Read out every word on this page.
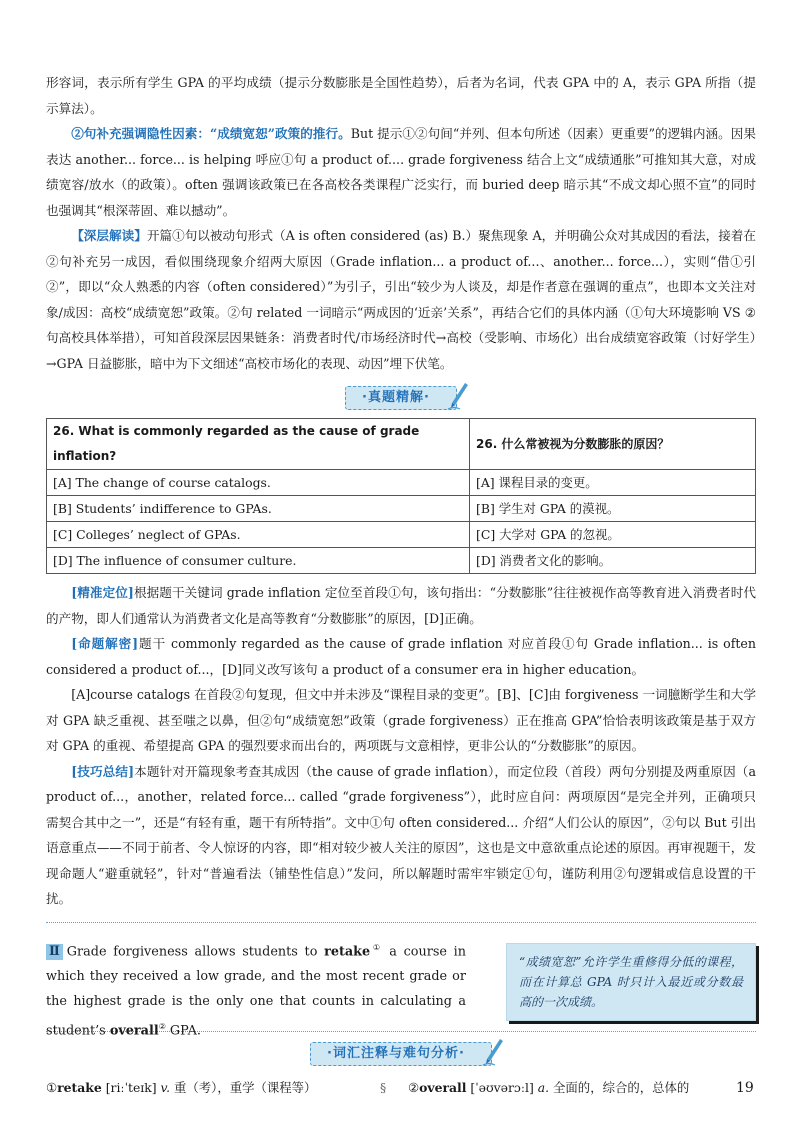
形容词，表示所有学生 GPA 的平均成绩（提示分数膨胀是全国性趋势），后者为名词，代表 GPA 中的 A，表示 GPA 所指（提示算法）。

②句补充强调隐性因素：“成绩宽恕”政策的推行。But 提示①②句间“并列、但本句所述（因素）更重要”的逻辑内涵。因果表达 another... force... is helping 呼应①句 a product of.... grade forgiveness 结合上文“成绩通胀”可推知其大意，对成绩宽容/放水（的政策）。often 强调该政策已在各高校各类课程广泛实行，而 buried deep 暗示其“不成文却心照不宣”的同时也强调其“根深蒂固、难以撼动”。

【深层解读】开篇①句以被动句形式（A is often considered (as) B.）聚焦现象 A，并明确公众对其成因的看法，接着在②句补充另一成因，看似围绕现象介绍两大原因（Grade inflation... a product of...、another... force...），实则“借①引②”，即以“众人熟悉的内容（often considered）”为引子，引出“较少为人谈及，却是作者意在强调的重点”，也即本文关注对象/成因：高校“成绩宽恕”政策。②句 related 一词暗示“两成因的‘近亲’关系”，再结合它们的具体内涵（①句大环境影响 VS ②句高校具体举措），可知首段深层因果链条：消费者时代/市场经济时代→高校（受影响、市场化）出台成绩宽容政策（讨好学生）→GPA 日益膨胀，暗中为下文细述“高校市场化的表现、动因”埋下伏笔。

·真题精解·
26. What is commonly regarded as the cause of grade inflation?	26. 什么常被视为分数膨胀的原因？
[A] The change of course catalogs.	[A] 课程目录的变更。
[B] Students’ indifference to GPAs.	[B] 学生对 GPA 的漠视。
[C] Colleges’ neglect of GPAs.	[C] 大学对 GPA 的忽视。
[D] The influence of consumer culture.	[D] 消费者文化的影响。

[精准定位]根据题干关键词 grade inflation 定位至首段①句，该句指出：“分数膨胀”往往被视作高等教育进入消费者时代的产物，即人们通常认为消费者文化是高等教育“分数膨胀”的原因，[D]正确。

[命题解密]题干 commonly regarded as the cause of grade inflation 对应首段①句 Grade inflation... is often considered a product of...，[D]同义改写该句 a product of a consumer era in higher education。

[A]course catalogs 在首段②句复现，但文中并未涉及“课程目录的变更”。[B]、[C]由 forgiveness 一词臆断学生和大学对 GPA 缺乏重视、甚至嗤之以鼻，但②句“成绩宽恕”政策（grade forgiveness）正在推高 GPA”恰恰表明该政策是基于双方对 GPA 的重视、希望提高 GPA 的强烈要求而出台的，两项既与文意相悖，更非公认的“分数膨胀”的原因。

[技巧总结]本题针对开篇现象考查其成因（the cause of grade inflation），而定位段（首段）两句分别提及两重原因（a product of...，another，related force... called “grade forgiveness”），此时应自问：两项原因“是完全并列，正确项只需契合其中之一”，还是“有轻有重，题干有所特指”。文中①句 often considered... 介绍“人们公认的原因”，②句以 But 引出语意重点——不同于前者、令人惊讶的内容，即“相对较少被人关注的原因”，这也是文中意欲重点论述的原因。再审视题干，发现命题人“避重就轻”，针对“普遍看法（铺垫性信息）”发问，所以解题时需牢牢锁定①句，谨防利用②句逻辑或信息设置的干扰。

Ⅱ Grade forgiveness allows students to retake① a course in which they received a low grade, and the most recent grade or the highest grade is the only one that counts in calculating a student’s overall② GPA.
“成绩宽恕”允许学生重修得分低的课程，而在计算总 GPA 时只计入最近或分数最高的一次成绩。
·词汇注释与难句分析·
①retake [riːˈteɪk] v. 重（考），重学（课程等）	§ ②overall [ˈəʊvərɔːl] a. 全面的，综合的，总体的	19
